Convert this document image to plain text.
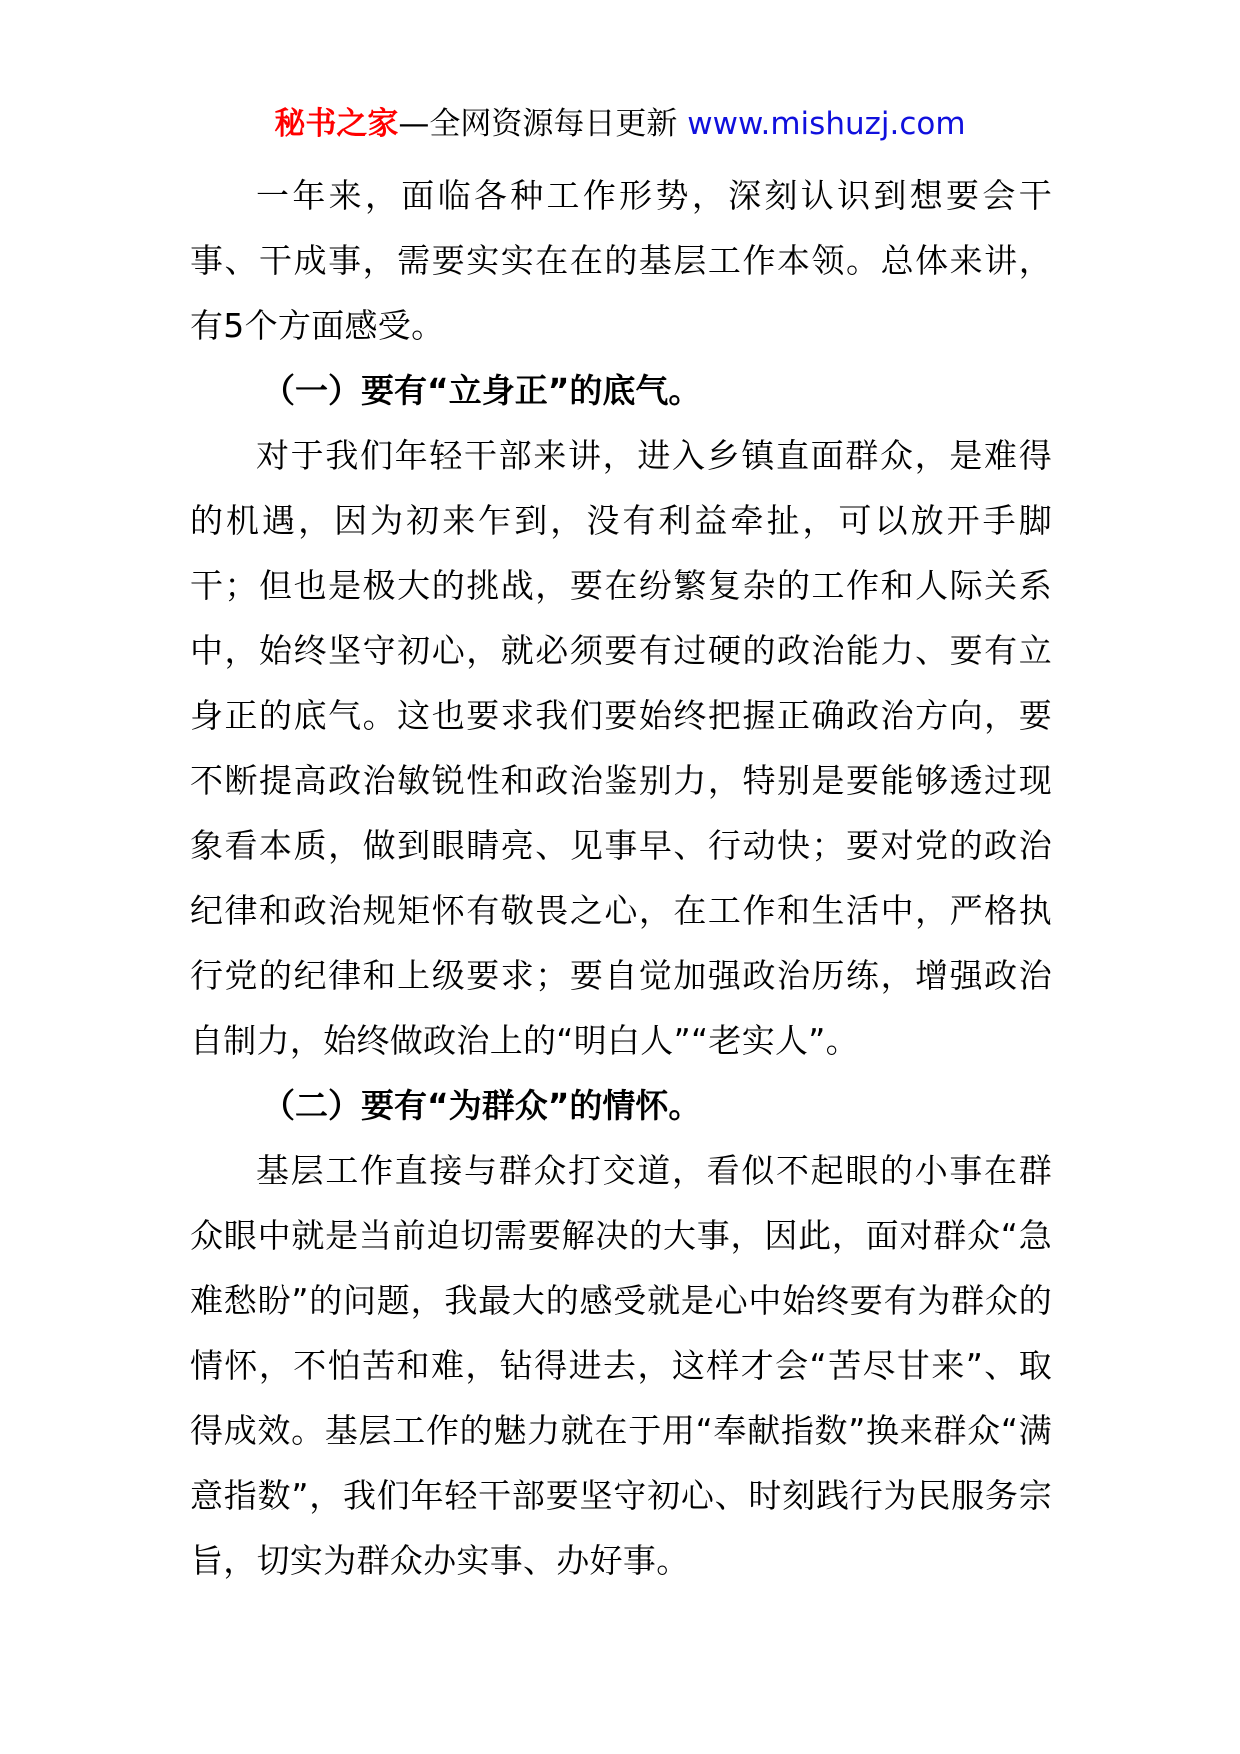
秘书之家—全网资源每日更新 www.mishuzj.com

一年来，面临各种工作形势，深刻认识到想要会干事、干成事，需要实实在在的基层工作本领。总体来讲，有5个方面感受。

（一）要有“立身正”的底气。

对于我们年轻干部来讲，进入乡镇直面群众，是难得的机遇，因为初来乍到，没有利益牵扯，可以放开手脚干；但也是极大的挑战，要在纷繁复杂的工作和人际关系中，始终坚守初心，就必须要有过硬的政治能力、要有立身正的底气。这也要求我们要始终把握正确政治方向，要不断提高政治敏锐性和政治鉴别力，特别是要能够透过现象看本质，做到眼睛亮、见事早、行动快；要对党的政治纪律和政治规矩怀有敬畏之心，在工作和生活中，严格执行党的纪律和上级要求；要自觉加强政治历练，增强政治自制力，始终做政治上的“明白人”“老实人”。

（二）要有“为群众”的情怀。

基层工作直接与群众打交道，看似不起眼的小事在群众眼中就是当前迫切需要解决的大事，因此，面对群众“急难愁盼”的问题，我最大的感受就是心中始终要有为群众的情怀，不怕苦和难，钻得进去，这样才会“苦尽甘来”、取得成效。基层工作的魅力就在于用“奉献指数”换来群众“满意指数”，我们年轻干部要坚守初心、时刻践行为民服务宗旨，切实为群众办实事、办好事。
